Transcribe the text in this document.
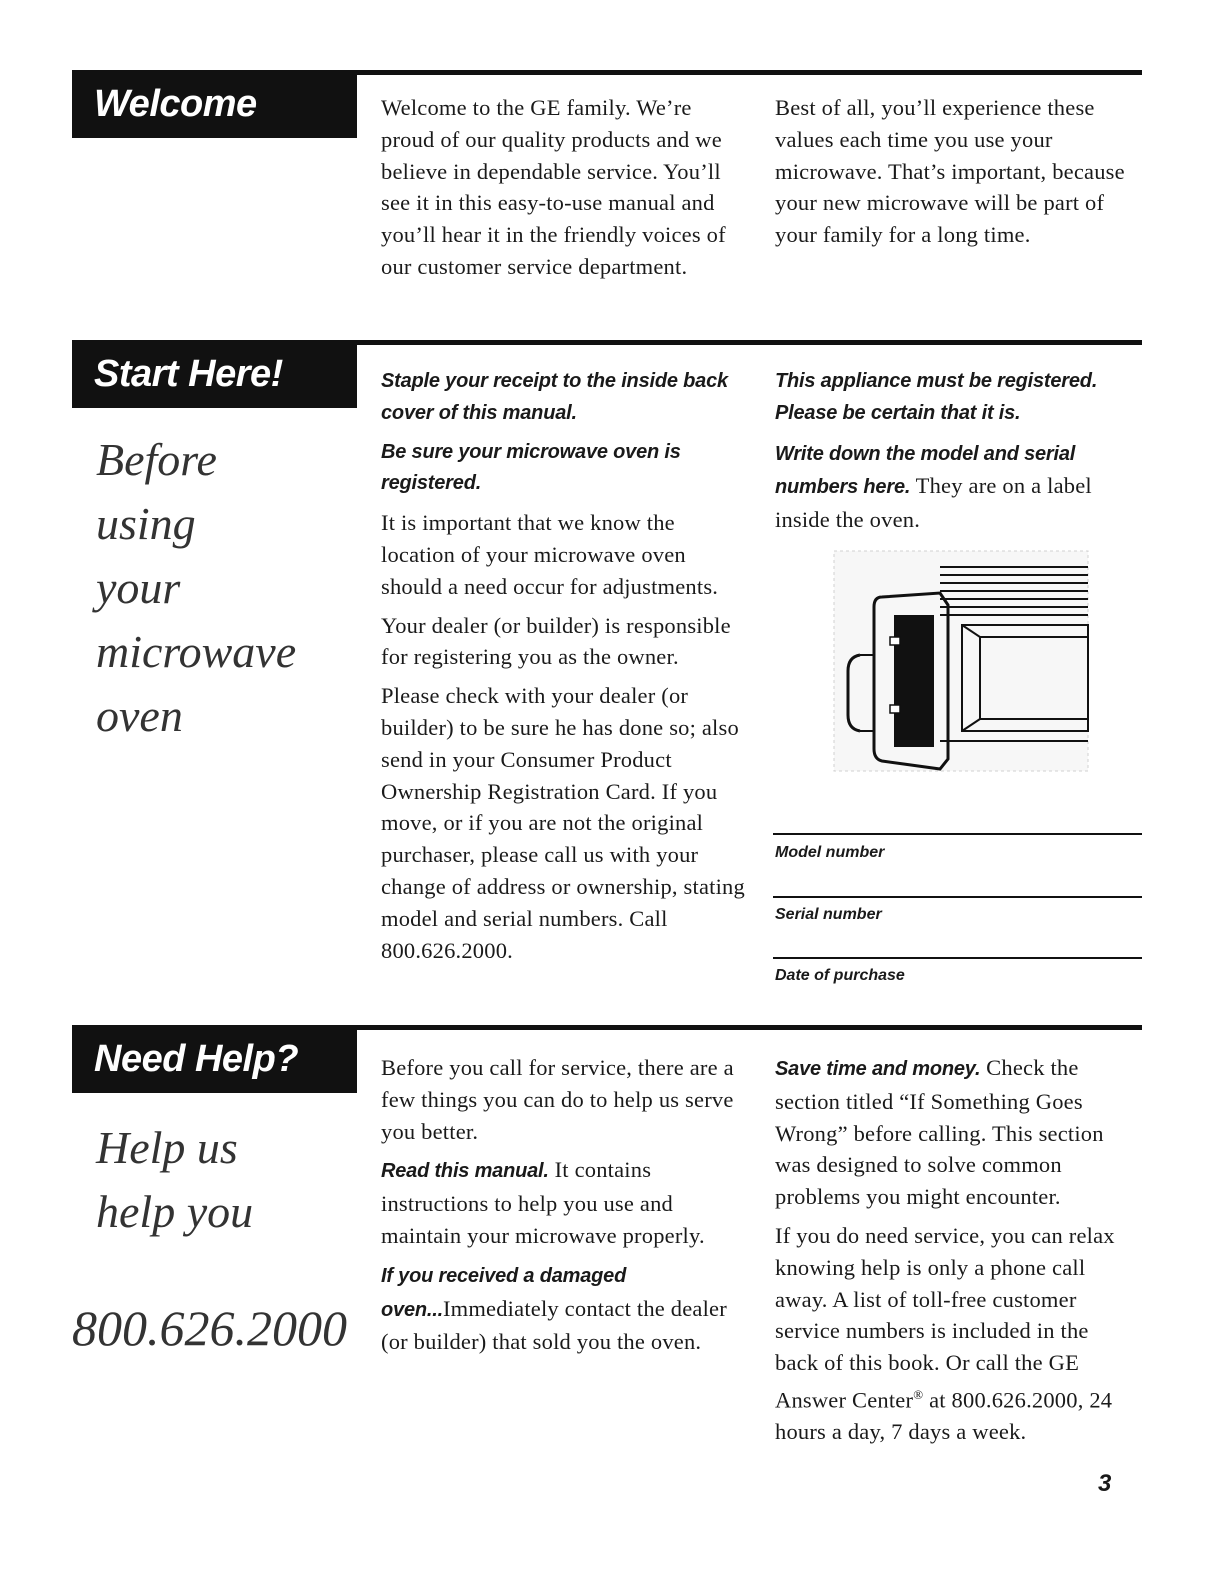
Welcome	Welcome to the GE family. We’re proud of our quality products and we believe in dependable service. You’ll see it in this easy-to-use manual and you’ll hear it in the friendly voices of our customer service department.

Best of all, you’ll experience these values each time you use your microwave. That’s important, because your new microwave will be part of your family for a long time.

Start Here!
Before
using
your
microwave
oven

Staple your receipt to the inside back cover of this manual.

Be sure your microwave oven is registered.

It is important that we know the location of your microwave oven should a need occur for adjustments.

Your dealer (or builder) is responsible for registering you as the owner.

Please check with your dealer (or builder) to be sure he has done so; also send in your Consumer Product Ownership Registration Card. If you move, or if you are not the original purchaser, please call us with your change of address or ownership, stating model and serial numbers. Call 800.626.2000.

This appliance must be registered. Please be certain that it is.

Write down the model and serial numbers here. They are on a label inside the oven.

Model number
Serial number
Date of purchase
Need Help?
Help us
help you
800.626.2000

Before you call for service, there are a few things you can do to help us serve you better.

Read this manual. It contains instructions to help you use and maintain your microwave properly.

If you received a damaged oven...Immediately contact the dealer (or builder) that sold you the oven.

Save time and money. Check the section titled “If Something Goes Wrong” before calling. This section was designed to solve common problems you might encounter.

If you do need service, you can relax knowing help is only a phone call away. A list of toll-free customer service numbers is included in the back of this book. Or call the GE Answer Center® at 800.626.2000, 24 hours a day, 7 days a week.

3
